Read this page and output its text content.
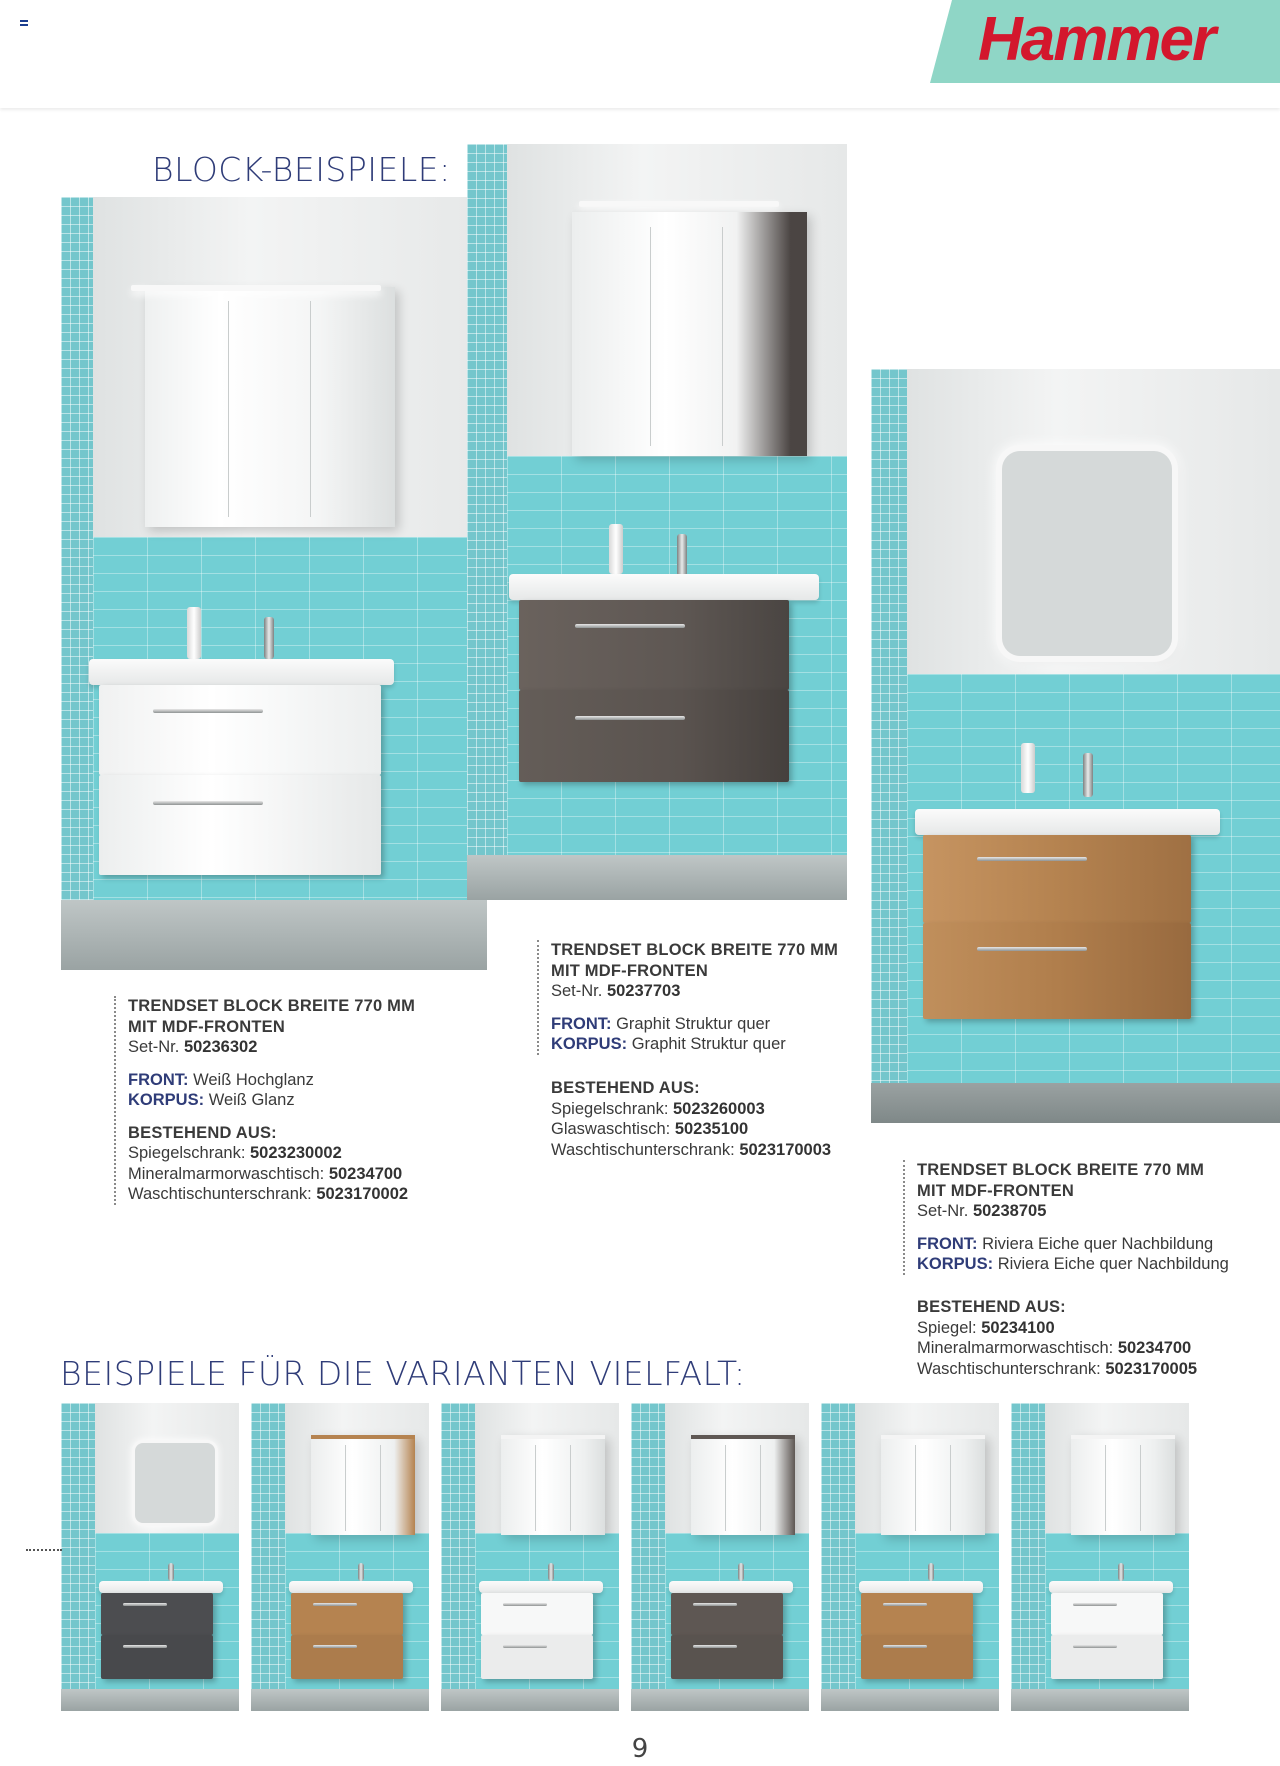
Hammer
BLOCK-BEISPIELE:
TRENDSET BLOCK BREITE 770 MM
MIT MDF-FRONTEN
Set-Nr. 50236302
FRONT: Weiß Hochglanz
KORPUS: Weiß Glanz
BESTEHEND AUS:
Spiegelschrank: 5023230002
Mineralmarmorwaschtisch: 50234700
Waschtischunterschrank: 5023170002
TRENDSET BLOCK BREITE 770 MM
MIT MDF-FRONTEN
Set-Nr. 50237703
FRONT: Graphit Struktur quer
KORPUS: Graphit Struktur quer
BESTEHEND AUS:
Spiegelschrank: 5023260003
Glaswaschtisch: 50235100
Waschtischunterschrank: 5023170003
TRENDSET BLOCK BREITE 770 MM
MIT MDF-FRONTEN
Set-Nr. 50238705
FRONT: Riviera Eiche quer Nachbildung
KORPUS: Riviera Eiche quer Nachbildung
BESTEHEND AUS:
Spiegel: 50234100
Mineralmarmorwaschtisch: 50234700
Waschtischunterschrank: 5023170005
BEISPIELE FÜR DIE VARIANTEN VIELFALT:
9
